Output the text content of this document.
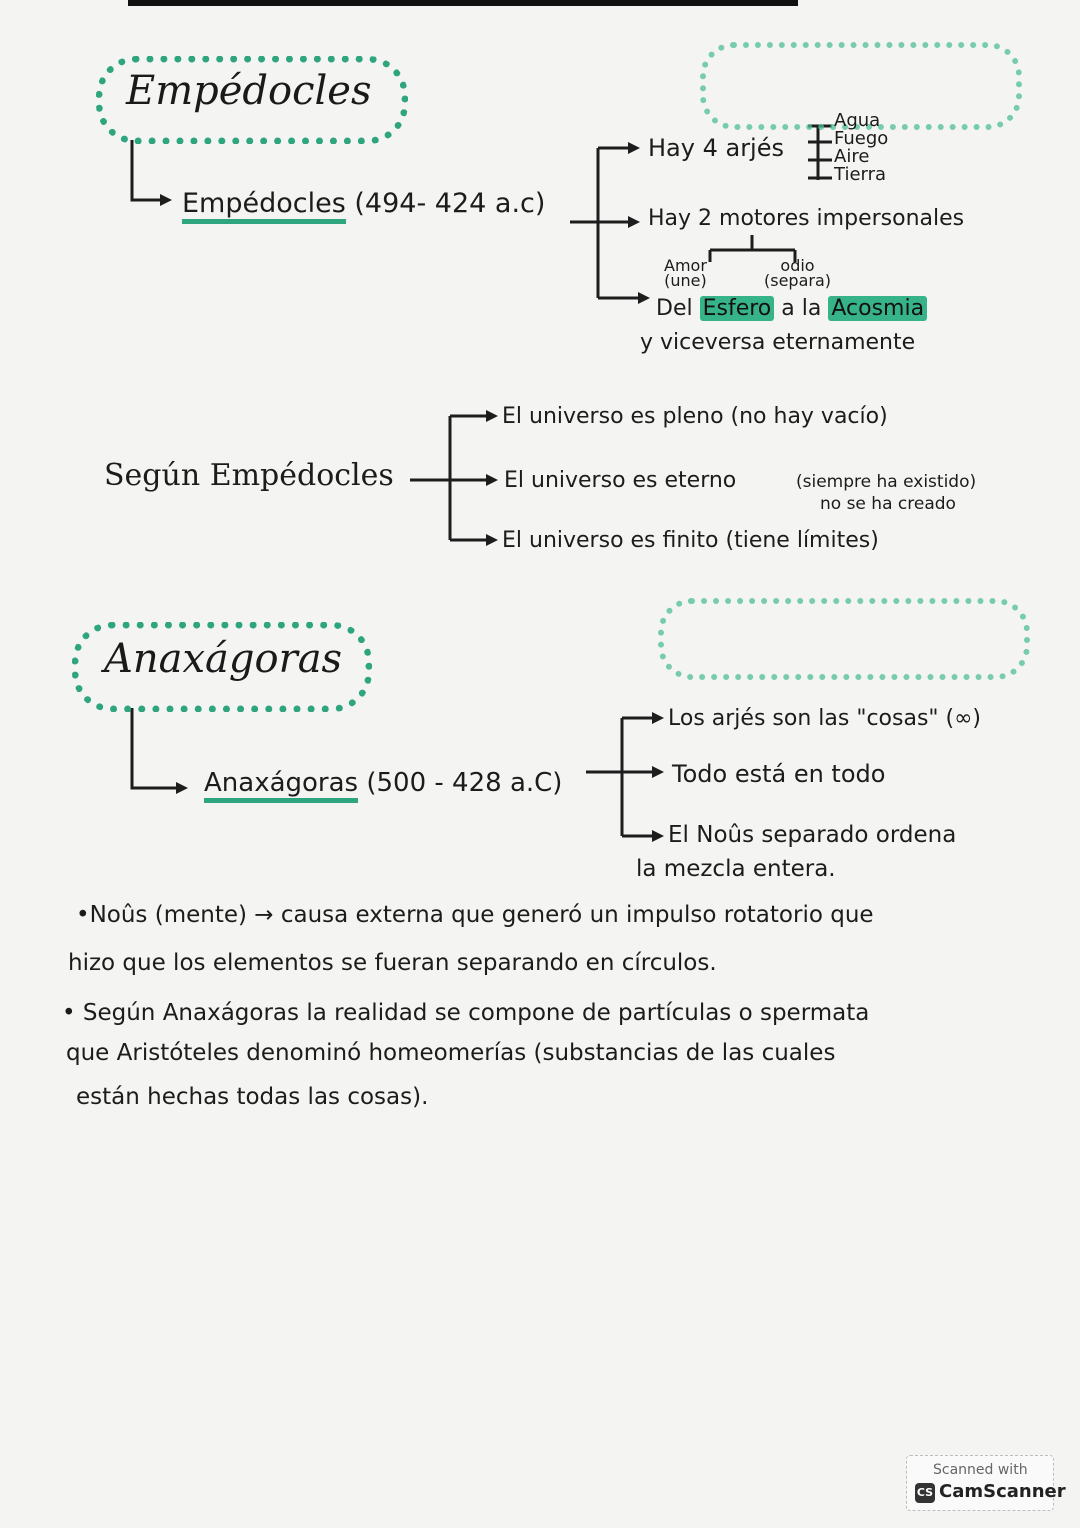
Empédocles
Empédocles (494- 424 a.c)
Hay 4 arjés
Agua
Fuego
Aire
Tierra
Hay 2 motores impersonales
Amor
(une)
odio
(separa)
Del Esfero a la Acosmia
y viceversa eternamente
Según Empédocles
El universo es pleno (no hay vacío)
El universo es eterno	(siempre ha existido)
no se ha creado
El universo es finito (tiene límites)
Anaxágoras
Anaxágoras (500 - 428 a.C)
Los arjés son las "cosas" (∞)
Todo está en todo
El Noûs separado ordena
la mezcla entera.
•Noûs (mente) → causa externa que generó un impulso rotatorio que
hizo que los elementos se fueran separando en círculos.
• Según Anaxágoras la realidad se compone de partículas o spermata
que Aristóteles denominó homeomerías (substancias de las cuales
están hechas todas las cosas).
Scanned with
CS CamScanner
